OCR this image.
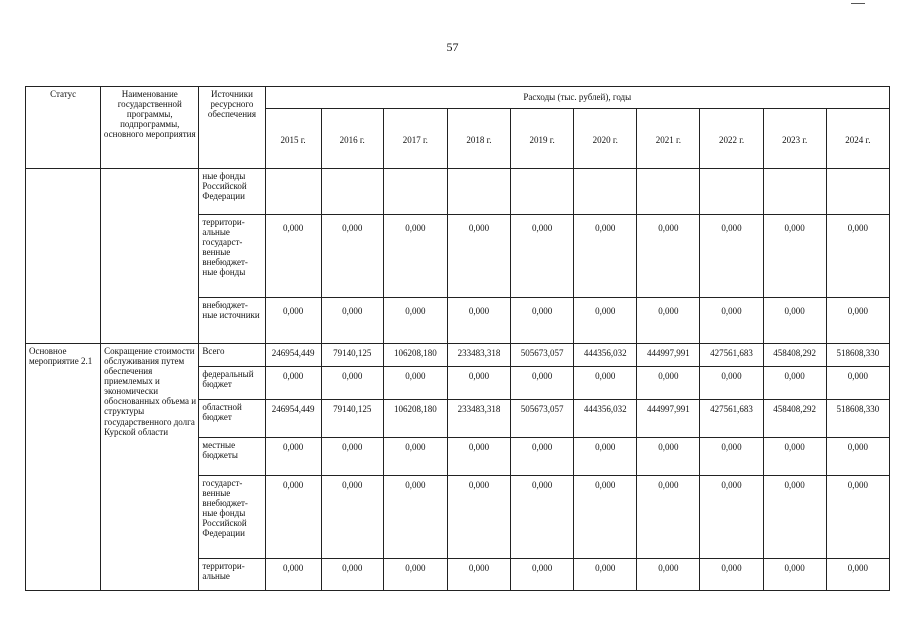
57
Статус	Наименование государственной программы, подпрограммы, основного мероприятия	Источники ресурсного обеспечения	Расходы (тыс. рублей), годы									
			2015 г.	2016 г.	2017 г.	2018 г.	2019 г.	2020 г.	2021 г.	2022 г.	2023 г.	2024 г.
		ные фонды Российской Федерации										
		территори-альные государст-венные внебюджет-ные фонды	0,000	0,000	0,000	0,000	0,000	0,000	0,000	0,000	0,000	0,000
		внебюджет-ные источники	0,000	0,000	0,000	0,000	0,000	0,000	0,000	0,000	0,000	0,000
Основное мероприятие 2.1	Сокращение стоимости обслуживания путем обеспечения приемлемых и экономически обоснованных объема и структуры государственного долга Курской области	Всего	246954,449	79140,125	106208,180	233483,318	505673,057	444356,032	444997,991	427561,683	458408,292	518608,330
		федеральный бюджет	0,000	0,000	0,000	0,000	0,000	0,000	0,000	0,000	0,000	0,000
		областной бюджет	246954,449	79140,125	106208,180	233483,318	505673,057	444356,032	444997,991	427561,683	458408,292	518608,330
		местные бюджеты	0,000	0,000	0,000	0,000	0,000	0,000	0,000	0,000	0,000	0,000
		государст-венные внебюджет-ные фонды Российской Федерации	0,000	0,000	0,000	0,000	0,000	0,000	0,000	0,000	0,000	0,000
		территори-альные	0,000	0,000	0,000	0,000	0,000	0,000	0,000	0,000	0,000	0,000
